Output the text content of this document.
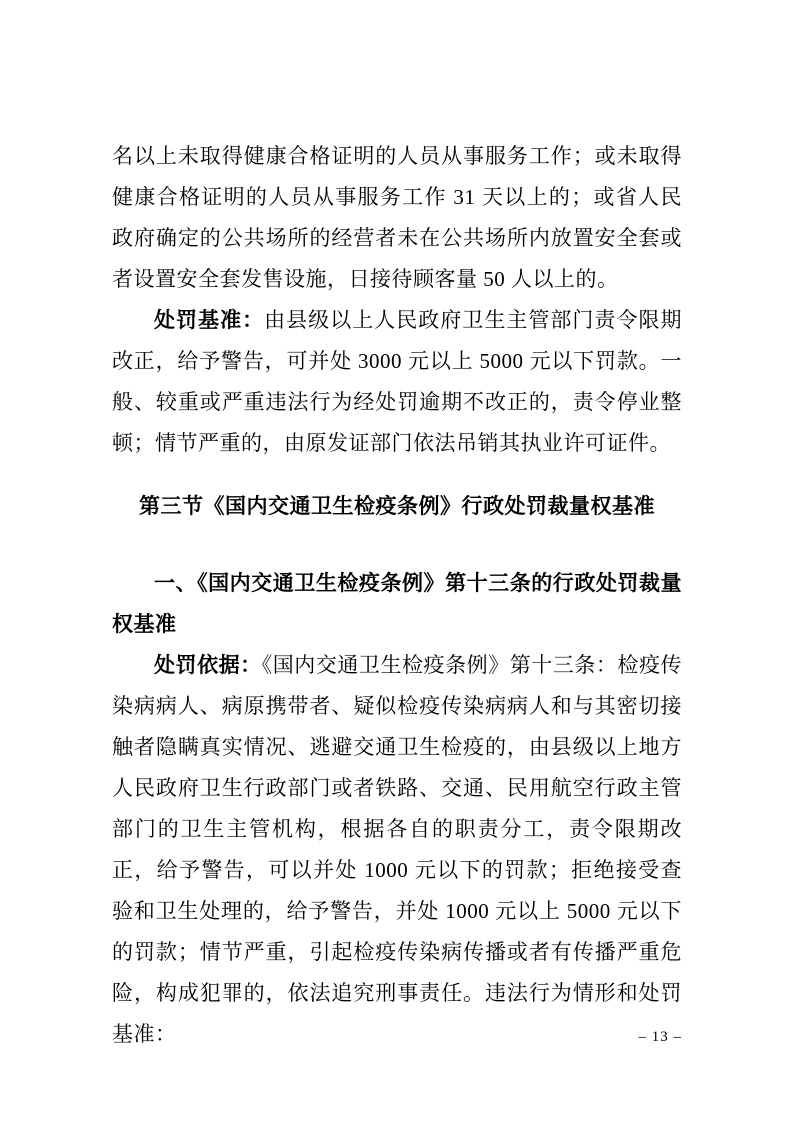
名以上未取得健康合格证明的人员从事服务工作；或未取得健康合格证明的人员从事服务工作 31 天以上的；或省人民政府确定的公共场所的经营者未在公共场所内放置安全套或者设置安全套发售设施，日接待顾客量 50 人以上的。

处罚基准：由县级以上人民政府卫生主管部门责令限期改正，给予警告，可并处 3000 元以上 5000 元以下罚款。一般、较重或严重违法行为经处罚逾期不改正的，责令停业整顿；情节严重的，由原发证部门依法吊销其执业许可证件。

第三节《国内交通卫生检疫条例》行政处罚裁量权基准

一、《国内交通卫生检疫条例》第十三条的行政处罚裁量权基准

处罚依据：《国内交通卫生检疫条例》第十三条：检疫传染病病人、病原携带者、疑似检疫传染病病人和与其密切接触者隐瞒真实情况、逃避交通卫生检疫的，由县级以上地方人民政府卫生行政部门或者铁路、交通、民用航空行政主管部门的卫生主管机构，根据各自的职责分工，责令限期改正，给予警告，可以并处 1000 元以下的罚款；拒绝接受查验和卫生处理的，给予警告，并处 1000 元以上 5000 元以下的罚款；情节严重，引起检疫传染病传播或者有传播严重危险，构成犯罪的，依法追究刑事责任。违法行为情形和处罚基准：	– 13 –
